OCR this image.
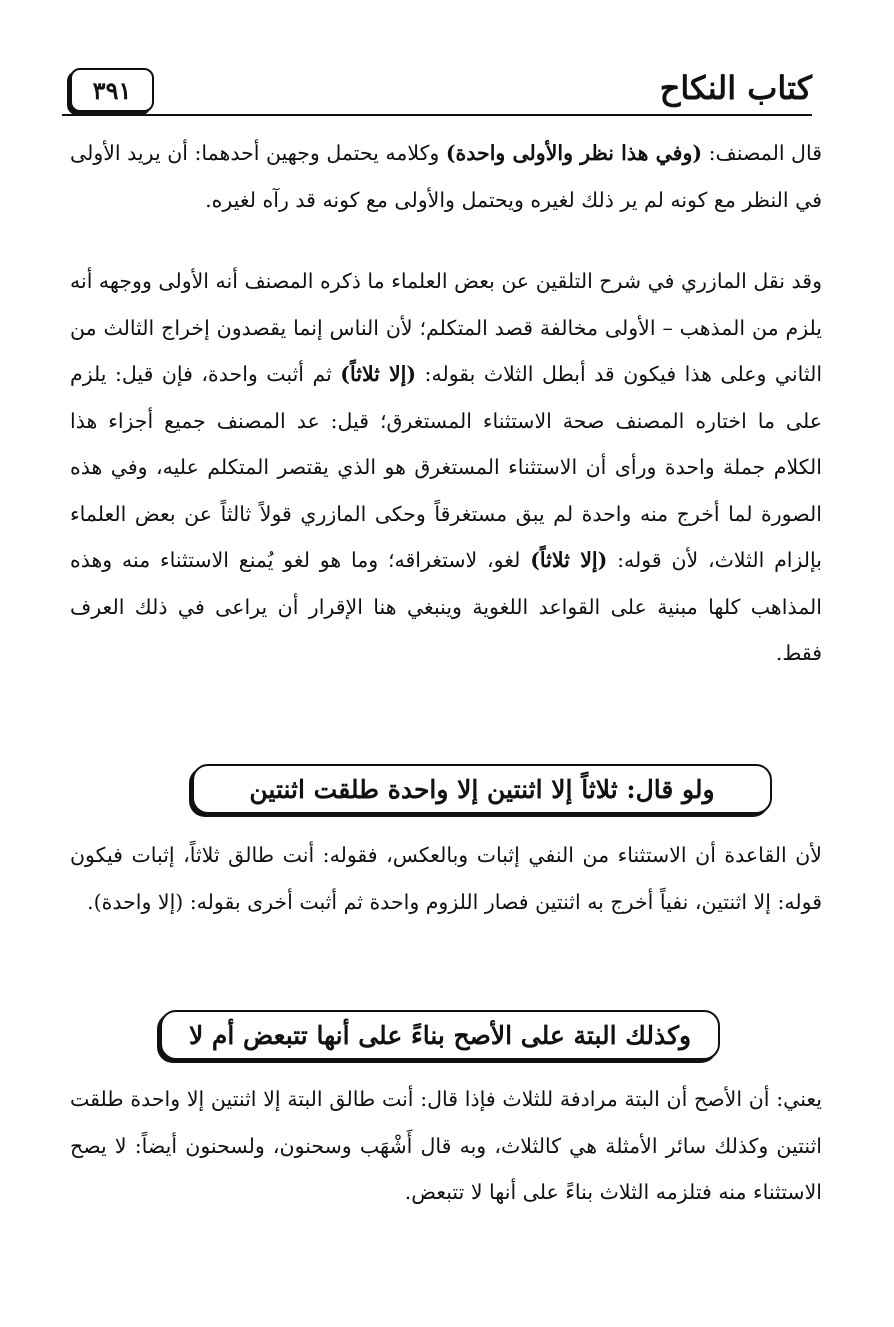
كتاب النكاح
٣٩١

قال المصنف: (وفي هذا نظر والأولى واحدة) وكلامه يحتمل وجهين أحدهما: أن يريد الأولى في النظر مع كونه لم ير ذلك لغيره ويحتمل والأولى مع كونه قد رآه لغيره.

وقد نقل المازري في شرح التلقين عن بعض العلماء ما ذكره المصنف أنه الأولى ووجهه أنه يلزم من المذهب – الأولى مخالفة قصد المتكلم؛ لأن الناس إنما يقصدون إخراج الثالث من الثاني وعلى هذا فيكون قد أبطل الثلاث بقوله: (إلا ثلاثاً) ثم أثبت واحدة، فإن قيل: يلزم على ما اختاره المصنف صحة الاستثناء المستغرق؛ قيل: عد المصنف جميع أجزاء هذا الكلام جملة واحدة ورأى أن الاستثناء المستغرق هو الذي يقتصر المتكلم عليه، وفي هذه الصورة لما أخرج منه واحدة لم يبق مستغرقاً وحكى المازري قولاً ثالثاً عن بعض العلماء بإلزام الثلاث، لأن قوله: (إلا ثلاثاً) لغو، لاستغراقه؛ وما هو لغو يُمنع الاستثناء منه وهذه المذاهب كلها مبنية على القواعد اللغوية وينبغي هنا الإقرار أن يراعى في ذلك العرف فقط.

ولو قال: ثلاثاً إلا اثنتين إلا واحدة طلقت اثنتين

لأن القاعدة أن الاستثناء من النفي إثبات وبالعكس، فقوله: أنت طالق ثلاثاً، إثبات فيكون قوله: إلا اثنتين، نفياً أخرج به اثنتين فصار اللزوم واحدة ثم أثبت أخرى بقوله: (إلا واحدة).

وكذلك البتة على الأصح بناءً على أنها تتبعض أم لا

يعني: أن الأصح أن البتة مرادفة للثلاث فإذا قال: أنت طالق البتة إلا اثنتين إلا واحدة طلقت اثنتين وكذلك سائر الأمثلة هي كالثلاث، وبه قال أَشْهَب وسحنون، ولسحنون أيضاً: لا يصح الاستثناء منه فتلزمه الثلاث بناءً على أنها لا تتبعض.
